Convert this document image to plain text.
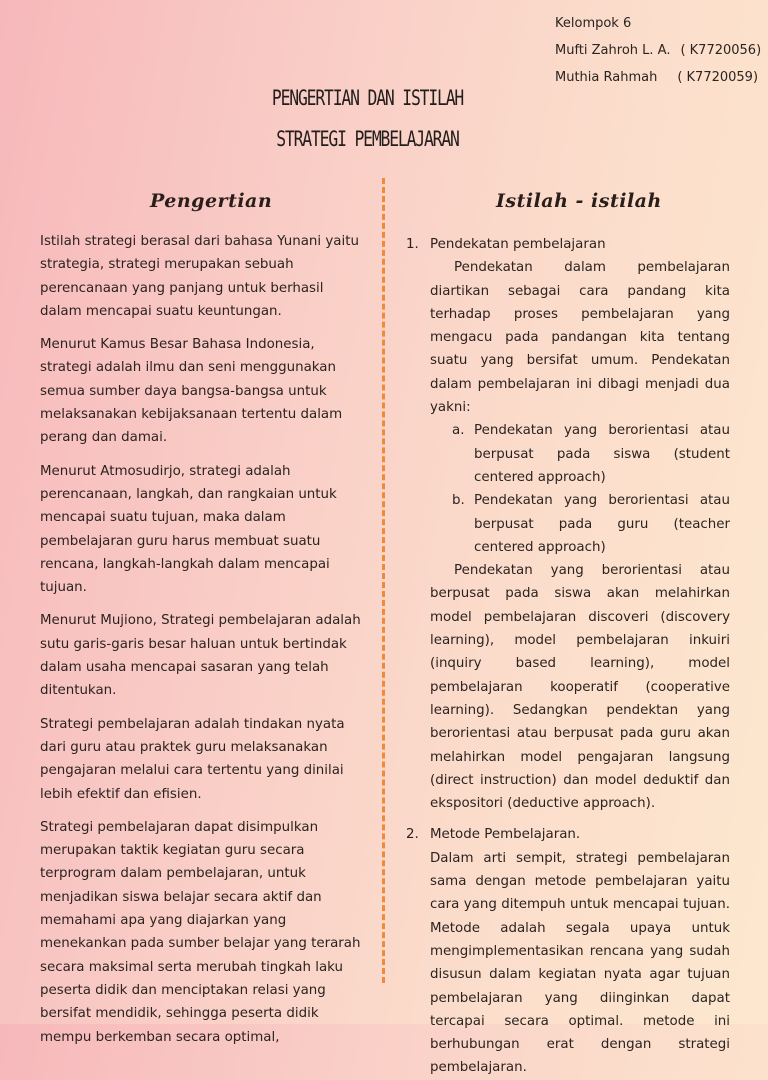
Kelompok 6
Mufti Zahroh L. A. ( K7720056)
Muthia Rahmah ( K7720059)
PENGERTIAN DAN ISTILAH
STRATEGI PEMBELAJARAN
Pengertian	Istilah - istilah

Istilah strategi berasal dari bahasa Yunani yaitu strategia, strategi merupakan sebuah perencanaan yang panjang untuk berhasil dalam mencapai suatu keuntungan.

Menurut Kamus Besar Bahasa Indonesia, strategi adalah ilmu dan seni menggunakan semua sumber daya bangsa-bangsa untuk melaksanakan kebijaksanaan tertentu dalam perang dan damai.

Menurut Atmosudirjo, strategi adalah perencanaan, langkah, dan rangkaian untuk mencapai suatu tujuan, maka dalam pembelajaran guru harus membuat suatu rencana, langkah-langkah dalam mencapai tujuan.

Menurut Mujiono, Strategi pembelajaran adalah sutu garis-garis besar haluan untuk bertindak dalam usaha mencapai sasaran yang telah ditentukan.

Strategi pembelajaran adalah tindakan nyata dari guru atau praktek guru melaksanakan pengajaran melalui cara tertentu yang dinilai lebih efektif dan efisien.

Strategi pembelajaran dapat disimpulkan merupakan taktik kegiatan guru secara terprogram dalam pembelajaran, untuk menjadikan siswa belajar secara aktif dan memahami apa yang diajarkan yang menekankan pada sumber belajar yang terarah secara maksimal serta merubah tingkah laku peserta didik dan menciptakan relasi yang bersifat mendidik, sehingga peserta didik mempu berkemban secara optimal,

1. Pendekatan pembelajaran
Pendekatan dalam pembelajaran diartikan sebagai cara pandang kita terhadap proses pembelajaran yang mengacu pada pandangan kita tentang suatu yang bersifat umum. Pendekatan dalam pembelajaran ini dibagi menjadi dua yakni:
a. Pendekatan yang berorientasi atau berpusat pada siswa (student centered approach)
b. Pendekatan yang berorientasi atau berpusat pada guru (teacher centered approach)
Pendekatan yang berorientasi atau berpusat pada siswa akan melahirkan model pembelajaran discoveri (discovery learning), model pembelajaran inkuiri (inquiry based learning), model pembelajaran kooperatif (cooperative learning). Sedangkan pendektan yang berorientasi atau berpusat pada guru akan melahirkan model pengajaran langsung (direct instruction) dan model deduktif dan ekspositori (deductive approach).
2. Metode Pembelajaran.
Dalam arti sempit, strategi pembelajaran sama dengan metode pembelajaran yaitu cara yang ditempuh untuk mencapai tujuan. Metode adalah segala upaya untuk mengimplementasikan rencana yang sudah disusun dalam kegiatan nyata agar tujuan pembelajaran yang diinginkan dapat tercapai secara optimal. metode ini berhubungan erat dengan strategi pembelajaran.
